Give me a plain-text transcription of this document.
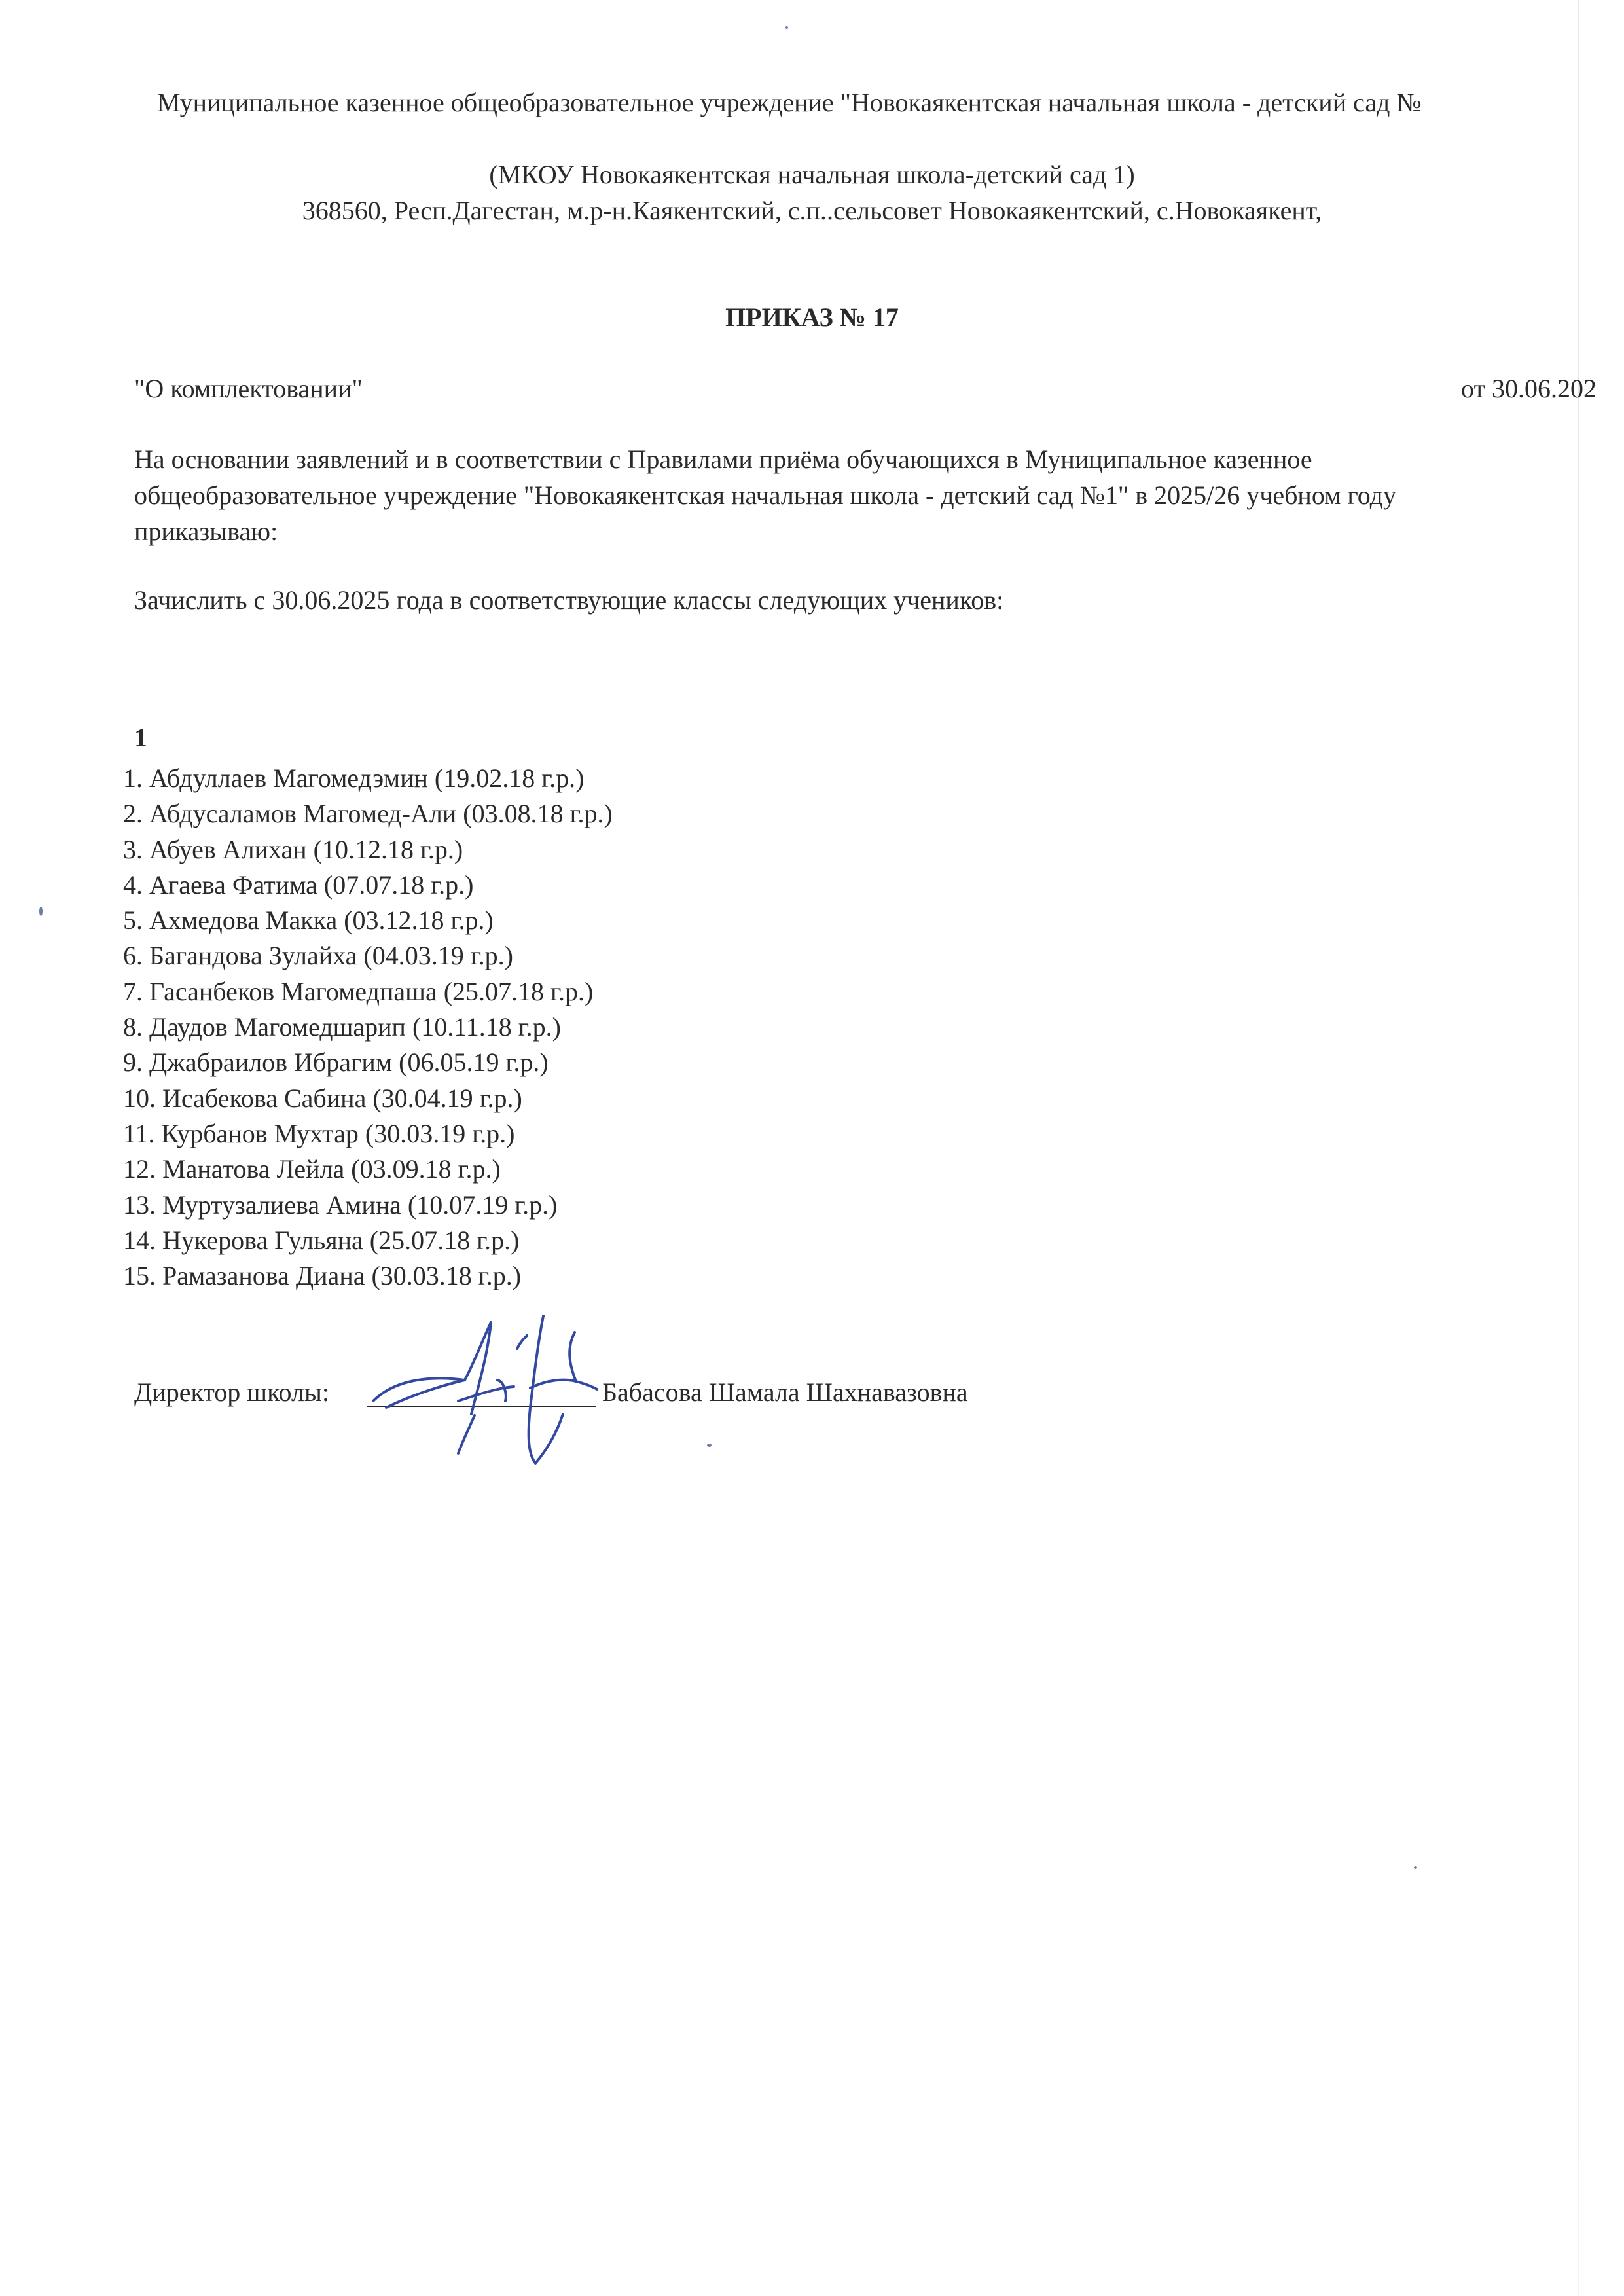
Муниципальное казенное общеобразовательное учреждение "Новокаякентская начальная школа - детский сад №
(МКОУ Новокаякентская начальная школа-детский сад 1)
368560, Респ.Дагестан, м.р-н.Каякентский, с.п..сельсовет Новокаякентский, с.Новокаякент,
ПРИКАЗ № 17
"О комплектовании"	от 30.06.202
На основании заявлений и в соответствии с Правилами приёма обучающихся в Муниципальное казенное
общеобразовательное учреждение "Новокаякентская начальная школа - детский сад №1" в 2025/26 учебном году
приказываю:
Зачислить с 30.06.2025 года в соответствующие классы следующих учеников:
1
1. Абдуллаев Магомедэмин (19.02.18 г.р.)
2. Абдусаламов Магомед-Али (03.08.18 г.р.)
3. Абуев Алихан (10.12.18 г.р.)
4. Агаева Фатима (07.07.18 г.р.)
5. Ахмедова Макка (03.12.18 г.р.)
6. Багандова Зулайха (04.03.19 г.р.)
7. Гасанбеков Магомедпаша (25.07.18 г.р.)
8. Даудов Магомедшарип (10.11.18 г.р.)
9. Джабраилов Ибрагим (06.05.19 г.р.)
10. Исабекова Сабина (30.04.19 г.р.)
11. Курбанов Мухтар (30.03.19 г.р.)
12. Манатова Лейла (03.09.18 г.р.)
13. Муртузалиева Амина (10.07.19 г.р.)
14. Нукерова Гульяна (25.07.18 г.р.)
15. Рамазанова Диана (30.03.18 г.р.)
Директор школы:	Бабасова Шамала Шахнавазовна
